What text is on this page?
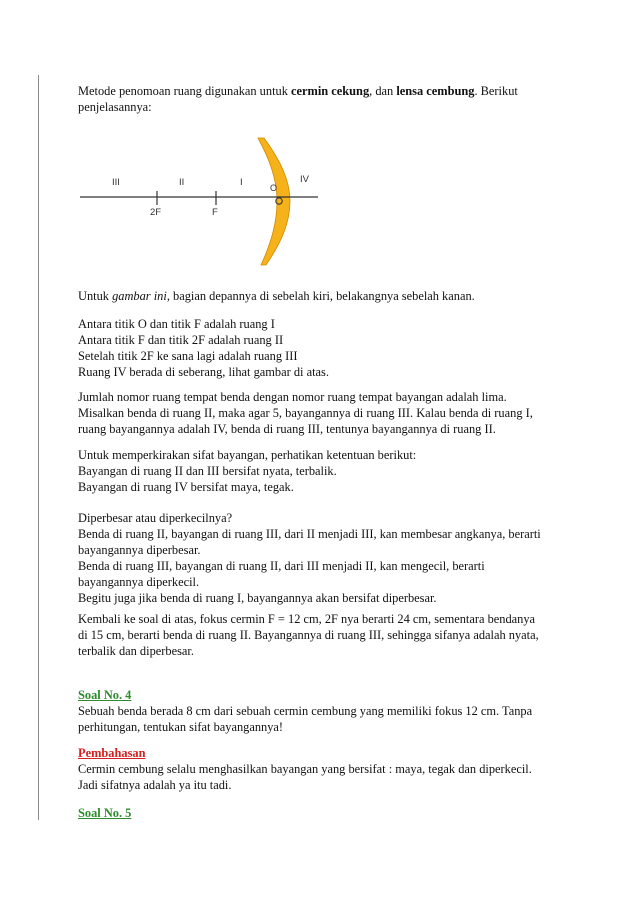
Metode penomoan ruang digunakan untuk cermin cekung, dan lensa cembung. Berikut
penjelasannya:
III	II	I	IV
2F	F
O
Untuk gambar ini, bagian depannya di sebelah kiri, belakangnya sebelah kanan.
Antara titik O dan titik F adalah ruang I
Antara titik F dan titik 2F adalah ruang II
Setelah titik 2F ke sana lagi adalah ruang III
Ruang IV berada di seberang, lihat gambar di atas.
Jumlah nomor ruang tempat benda dengan nomor ruang tempat bayangan adalah lima.
Misalkan benda di ruang II, maka agar 5, bayangannya di ruang III. Kalau benda di ruang I,
ruang bayangannya adalah IV, benda di ruang III, tentunya bayangannya di ruang II.
Untuk memperkirakan sifat bayangan, perhatikan ketentuan berikut:
Bayangan di ruang II dan III bersifat nyata, terbalik.
Bayangan di ruang IV bersifat maya, tegak.
Diperbesar atau diperkecilnya?
Benda di ruang II, bayangan di ruang III, dari II menjadi III, kan membesar angkanya, berarti
bayangannya diperbesar.
Benda di ruang III, bayangan di ruang II, dari III menjadi II, kan mengecil, berarti
bayangannya diperkecil.
Begitu juga jika benda di ruang I, bayangannya akan bersifat diperbesar.
Kembali ke soal di atas, fokus cermin F = 12 cm, 2F nya berarti 24 cm, sementara bendanya
di 15 cm, berarti benda di ruang II. Bayangannya di ruang III, sehingga sifanya adalah nyata,
terbalik dan diperbesar.
Soal No. 4
Sebuah benda berada 8 cm dari sebuah cermin cembung yang memiliki fokus 12 cm. Tanpa
perhitungan, tentukan sifat bayangannya!
Pembahasan
Cermin cembung selalu menghasilkan bayangan yang bersifat : maya, tegak dan diperkecil.
Jadi sifatnya adalah ya itu tadi.
Soal No. 5
